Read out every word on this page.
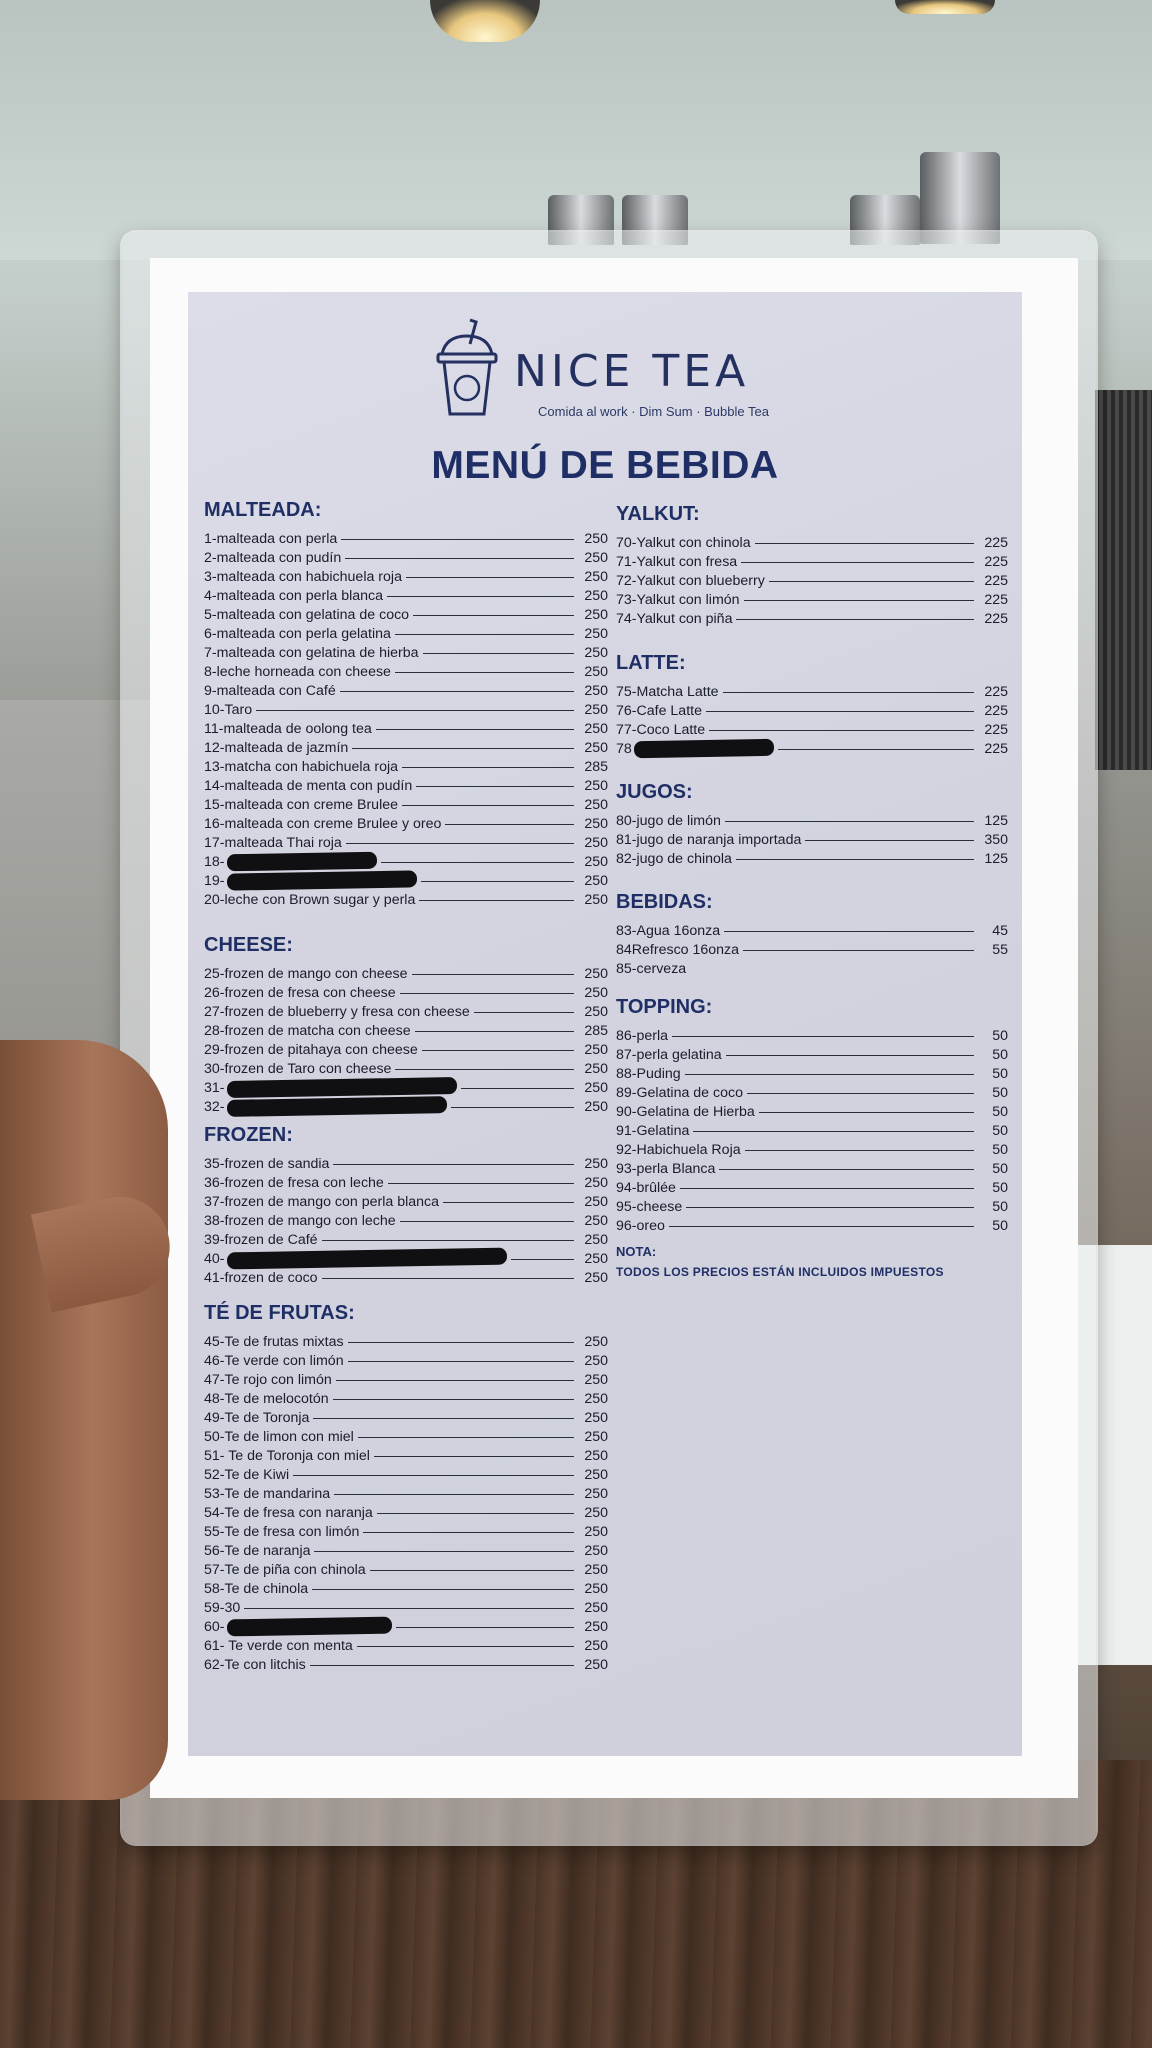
NICE TEA
Comida al work · Dim Sum · Bubble Tea
MENÚ DE BEBIDA
MALTEADA:
1-malteada con perla	250
2-malteada con pudín	250
3-malteada con habichuela roja	250
4-malteada con perla blanca	250
5-malteada con gelatina de coco	250
6-malteada con perla gelatina	250
7-malteada con gelatina de hierba	250
8-leche horneada con cheese	250
9-malteada con Café	250
10-Taro	250
11-malteada de oolong tea	250
12-malteada de jazmín	250
13-matcha con habichuela roja	285
14-malteada de menta con pudín	250
15-malteada con creme Brulee	250
16-malteada con creme Brulee y oreo	250
17-malteada Thai roja	250
18-	250
19-	250
20-leche con Brown sugar y perla	250
CHEESE:
25-frozen de mango con cheese	250
26-frozen de fresa con cheese	250
27-frozen de blueberry y fresa con cheese	250
28-frozen de matcha con cheese	285
29-frozen de pitahaya con cheese	250
30-frozen de Taro con cheese	250
31-	250
32-	250
FROZEN:
35-frozen de sandia	250
36-frozen de fresa con leche	250
37-frozen de mango con perla blanca	250
38-frozen de mango con leche	250
39-frozen de Café	250
40-	250
41-frozen de coco	250
TÉ DE FRUTAS:
45-Te de frutas mixtas	250
46-Te verde con limón	250
47-Te rojo con limón	250
48-Te de melocotón	250
49-Te de Toronja	250
50-Te de limon con miel	250
51- Te de Toronja con miel	250
52-Te de Kiwi	250
53-Te de mandarina	250
54-Te de fresa con naranja	250
55-Te de fresa con limón	250
56-Te de naranja	250
57-Te de piña con chinola	250
58-Te de chinola	250
59-30	250
60-	250
61- Te verde con menta	250
62-Te con litchis	250
YALKUT:
70-Yalkut con chinola	225
71-Yalkut con fresa	225
72-Yalkut con blueberry	225
73-Yalkut con limón	225
74-Yalkut con piña	225
LATTE:
75-Matcha Latte	225
76-Cafe Latte	225
77-Coco Latte	225
78	225
JUGOS:
80-jugo de limón	125
81-jugo de naranja importada	350
82-jugo de chinola	125
BEBIDAS:
83-Agua 16onza	45
84Refresco 16onza	55
85-cerveza
TOPPING:
86-perla	50
87-perla gelatina	50
88-Puding	50
89-Gelatina de coco	50
90-Gelatina de Hierba	50
91-Gelatina	50
92-Habichuela Roja	50
93-perla Blanca	50
94-brûlée	50
95-cheese	50
96-oreo	50
NOTA:
TODOS LOS PRECIOS ESTÁN INCLUIDOS IMPUESTOS
